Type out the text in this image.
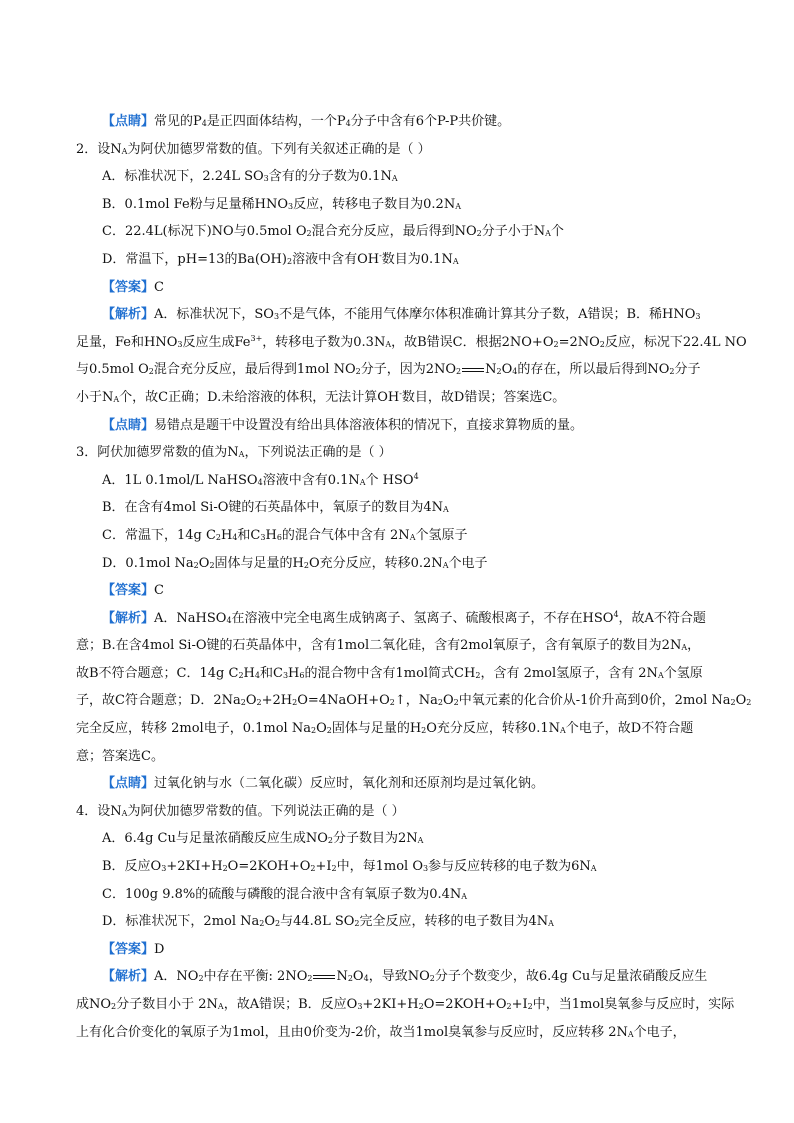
【点睛】常见的$P_4$是正四面体结构，一个$P_4$分子中含有6个P-P共价键。
2．设$N_A$为阿伏加德罗常数的值。下列有关叙述正确的是（ ）
A．标准状况下，2.24L $SO_3$含有的分子数为$0.1N_A$
B．0.1mol Fe粉与足量稀$HNO_3$反应，转移电子数目为$0.2N_A$
C．22.4L(标况下)NO与0.5mol $O_2$混合充分反应，最后得到$NO_2$分子小于$N_A$个
D．常温下，pH=13的$Ba(OH)_2$溶液中含有OH-数目为$0.1N_A$
【答案】C
【解析】A．标准状况下，$SO_3$不是气体，不能用气体摩尔体积准确计算其分子数，A错误；B．稀$HNO_3$
足量，Fe和$HNO_3$反应生成$Fe^{3+}$，转移电子数为$0.3N_A$，故B错误C．根据$2NO+O_2=2NO_2$反应，标况下22.4L NO
与0.5mol $O_2$混合充分反应，最后得到1mol $NO_2$分子，因为$2NO_2$ $N_2O_4$的存在，所以最后得到$NO_2$分子
小于$N_A$个，故C正确；D.未给溶液的体积，无法计算OH-数目，故D错误；答案选C。
【点睛】易错点是题干中设置没有给出具体溶液体积的情况下，直接求算物质的量。
3．阿伏加德罗常数的值为$N_A$，下列说法正确的是（ ）
A．1L 0.1mol/L NaHSO$_4$溶液中含有$0.1N_A$个 HSO$^4$
B．在含有4mol Si-O键的石英晶体中，氧原子的数目为$4N_A$
C．常温下，14g $C_2H_4$和$C_3H_6$的混合气体中含有 $2N_A$个氢原子
D．0.1mol $Na_2O_2$固体与足量的$H_2O$充分反应，转移$0.2N_A$个电子
【答案】C
【解析】A．NaHSO$_4$在溶液中完全电离生成钠离子、氢离子、硫酸根离子，不存在HSO$^4$，故A不符合题
意；B.在含4mol Si-O键的石英晶体中，含有1mol二氧化硅，含有2mol氧原子，含有氧原子的数目为$2N_A$，
故B不符合题意；C．14g $C_2H_4$和$C_3H_6$的混合物中含有1mol简式$CH_2$，含有 2mol氢原子，含有 $2N_A$个氢原
子，故C符合题意；D．$2Na_2O_2+2H_2O=4NaOH+O_2↑$，$Na_2O_2$中氧元素的化合价从-1价升高到0价，2mol $Na_2O_2$
完全反应，转移 2mol电子，0.1mol $Na_2O_2$固体与足量的$H_2O$充分反应，转移$0.1N_A$个电子，故D不符合题
意；答案选C。
【点睛】过氧化钠与水（二氧化碳）反应时，氧化剂和还原剂均是过氧化钠。
4．设$N_A$为阿伏加德罗常数的值。下列说法正确的是（ ）
A．6.4g Cu与足量浓硝酸反应生成$NO_2$分子数目为$2N_A$
B．反应$O_3+2KI+H_2O=2KOH+O_2+I_2$中，每1mol $O_3$参与反应转移的电子数为$6N_A$
C．100g 9.8%的硫酸与磷酸的混合液中含有氧原子数为$0.4N_A$
D．标准状况下，2mol $Na_2O_2$与44.8L $SO_2$完全反应，转移的电子数目为$4N_A$
【答案】D
【解析】A．$NO_2$中存在平衡: $2NO_2$ $N_2O_4$，导致$NO_2$分子个数变少，故6.4g Cu与足量浓硝酸反应生
成$NO_2$分子数目小于 $2N_A$，故A错误；B．反应$O_3+2KI+H_2O=2KOH+O_2+I_2$中，当1mol臭氧参与反应时，实际
上有化合价变化的氧原子为1mol，且由0价变为-2价，故当1mol臭氧参与反应时，反应转移 $2N_A$个电子，
